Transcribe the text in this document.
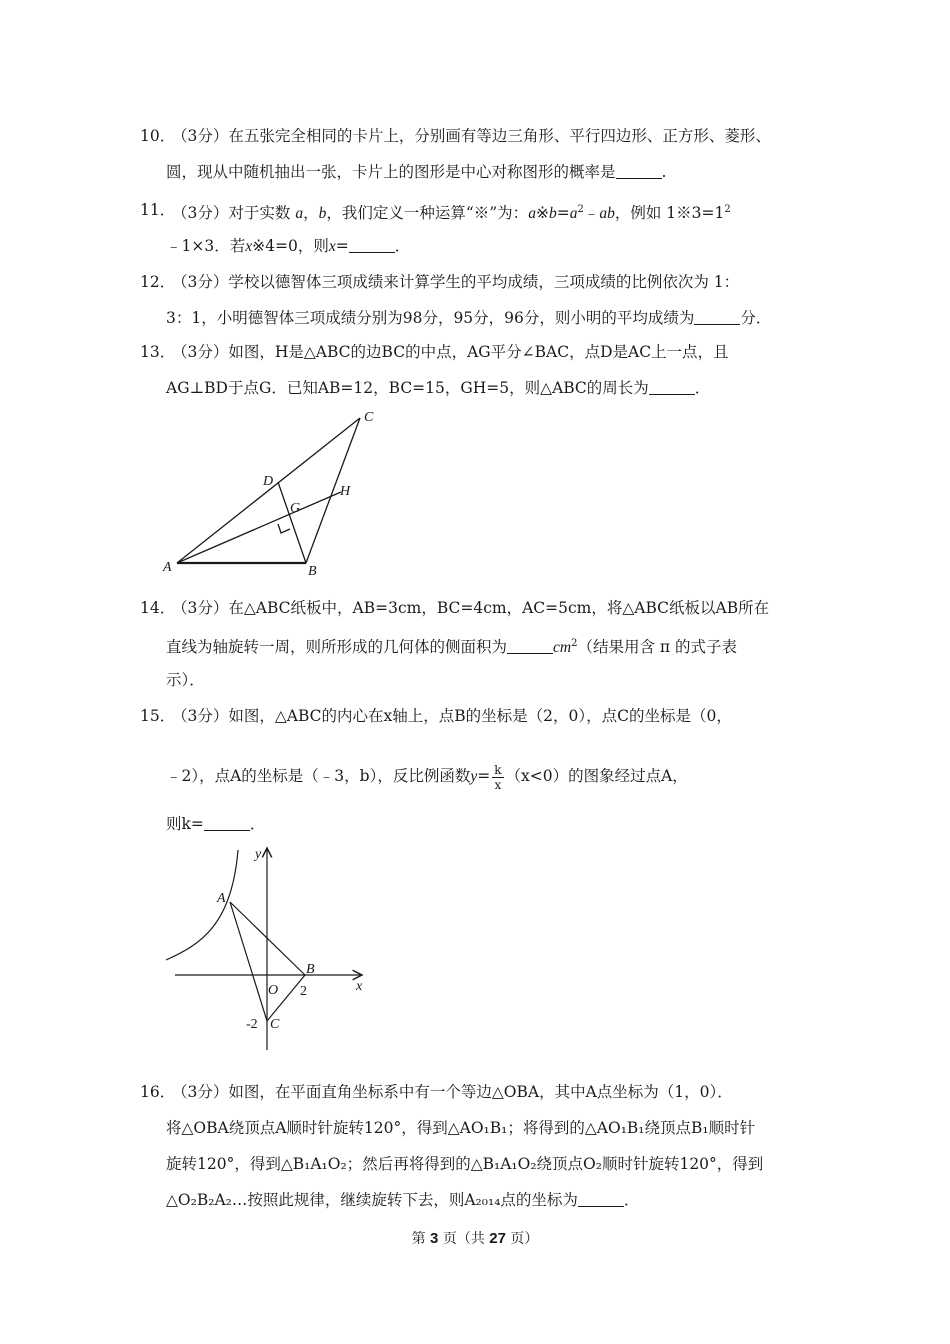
10．
（3分）在五张完全相同的卡片上，分别画有等边三角形、平行四边形、正方形、菱形、
圆，现从中随机抽出一张，卡片上的图形是中心对称图形的概率是	.
11．
（3分）对于实数 a，b，我们定义一种运算“※”为：$a※b=a^2﹣ab$，例如 $1※3=1^2$
﹣1×3．若x※4=0，则x=	．
12．
（3分）学校以德智体三项成绩来计算学生的平均成绩，三项成绩的比例依次为 1：
3：1，小明德智体三项成绩分别为98分，95分，96分，则小明的平均成绩为	分．
13．
（3分）如图，H是△ABC的边BC的中点，AG平分∠BAC，点D是AC上一点，且
AG⊥BD于点G．已知AB=12，BC=15，GH=5，则△ABC的周长为	．
A	B
C
D
G
H
14．
（3分）在△ABC纸板中，AB=3cm，BC=4cm，AC=5cm，将△ABC纸板以AB所在
直线为轴旋转一周，则所形成的几何体的侧面积为	$cm^2$（结果用含 π 的式子表
示）．
15．
（3分）如图，△ABC的内心在x轴上，点B的坐标是（2，0），点C的坐标是（0，
﹣2），点A的坐标是（﹣3，b），反比例函数$y= \frac{k}{x} (x<0)$的图象经过点A，
则k=	．
y
x
A
B
O
C
2
-2
16．
（3分）如图，在平面直角坐标系中有一个等边△OBA，其中A点坐标为（1，0）．
将△OBA绕顶点A顺时针旋转120°，得到△AO₁B₁；将得到的△AO₁B₁绕顶点B₁顺时针
旋转120°，得到△B₁A₁O₂；然后再将得到的△B₁A₁O₂绕顶点O₂顺时针旋转120°，得到
△O₂B₂A₂…按照此规律，继续旋转下去，则A₂₀₁₄点的坐标为	．
第 3 页（共 27 页）
